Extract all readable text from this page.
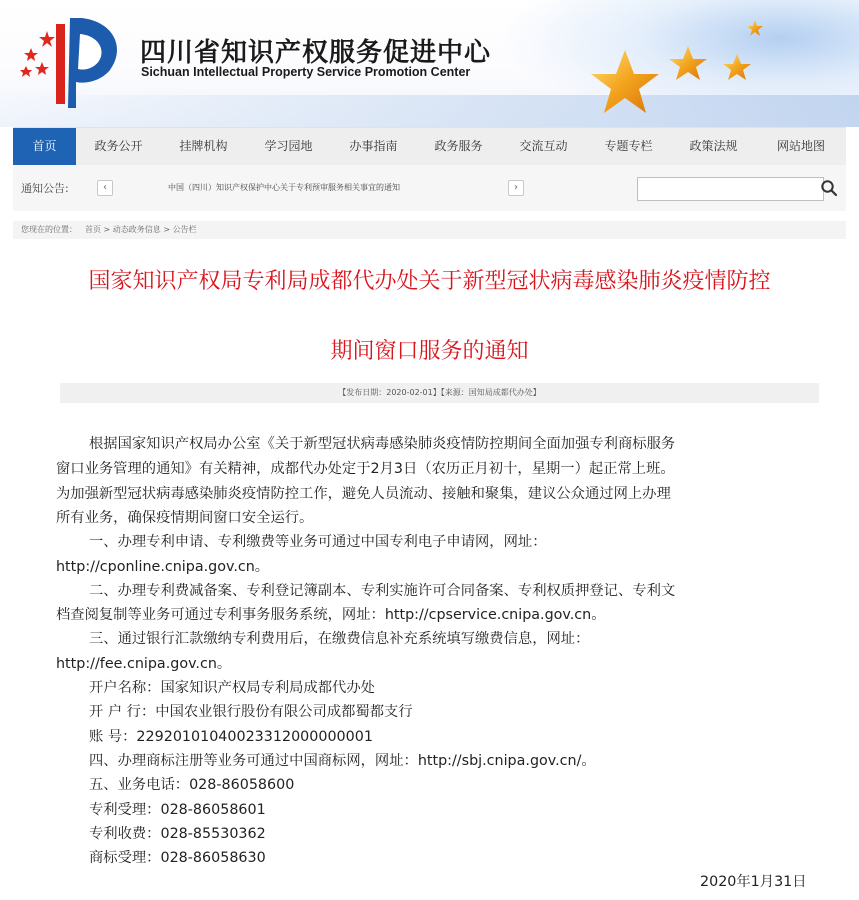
四川省知识产权服务促进中心
Sichuan Intellectual Property Service Promotion Center
首页	政务公开	挂牌机构	学习园地	办事指南	政务服务	交流互动	专题专栏	政策法规	网站地图
通知公告:	‹	中国（四川）知识产权保护中心关于专利预审服务相关事宜的通知	›
您现在的位置： 首页 > 动态政务信息 > 公告栏
国家知识产权局专利局成都代办处关于新型冠状病毒感染肺炎疫情防控
期间窗口服务的通知
【发布日期：2020-02-01】【来源：国知局成都代办处】
根据国家知识产权局办公室《关于新型冠状病毒感染肺炎疫情防控期间全面加强专利商标服务
窗口业务管理的通知》有关精神，成都代办处定于2月3日（农历正月初十，星期一）起正常上班。
为加强新型冠状病毒感染肺炎疫情防控工作，避免人员流动、接触和聚集，建议公众通过网上办理
所有业务，确保疫情期间窗口安全运行。
一、办理专利申请、专利缴费等业务可通过中国专利电子申请网，网址：
http://cponline.cnipa.gov.cn。
二、办理专利费减备案、专利登记簿副本、专利实施许可合同备案、专利权质押登记、专利文
档查阅复制等业务可通过专利事务服务系统，网址：http://cpservice.cnipa.gov.cn。
三、通过银行汇款缴纳专利费用后，在缴费信息补充系统填写缴费信息，网址：
http://fee.cnipa.gov.cn。
开户名称：国家知识产权局专利局成都代办处
开 户 行：中国农业银行股份有限公司成都蜀都支行
账 号：22920101040023312000000001
四、办理商标注册等业务可通过中国商标网，网址：http://sbj.cnipa.gov.cn/。
五、业务电话：028-86058600
专利受理：028-86058601
专利收费：028-85530362
商标受理：028-86058630
2020年1月31日
